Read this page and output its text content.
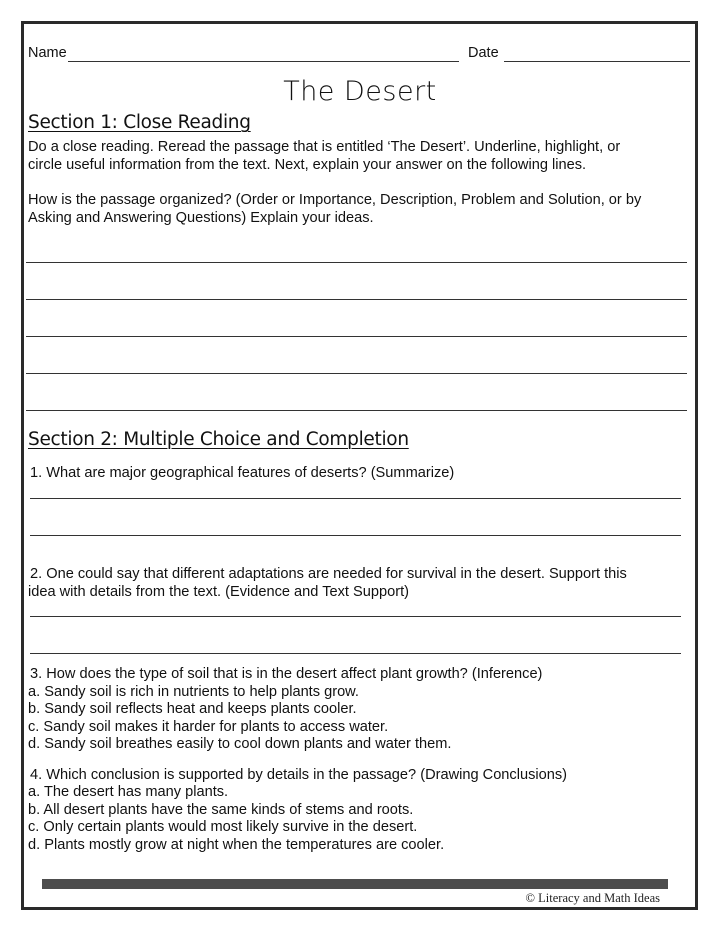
Name	Date
The Desert
Section 1: Close Reading
Do a close reading. Reread the passage that is entitled ‘The Desert’. Underline, highlight, or
circle useful information from the text. Next, explain your answer on the following lines.
How is the passage organized? (Order or Importance, Description, Problem and Solution, or by
Asking and Answering Questions) Explain your ideas.
Section 2: Multiple Choice and Completion
1. What are major geographical features of deserts? (Summarize)
2. One could say that different adaptations are needed for survival in the desert. Support this
idea with details from the text. (Evidence and Text Support)
3. How does the type of soil that is in the desert affect plant growth? (Inference)
a. Sandy soil is rich in nutrients to help plants grow.
b. Sandy soil reflects heat and keeps plants cooler.
c. Sandy soil makes it harder for plants to access water.
d. Sandy soil breathes easily to cool down plants and water them.
4. Which conclusion is supported by details in the passage? (Drawing Conclusions)
a. The desert has many plants.
b. All desert plants have the same kinds of stems and roots.
c. Only certain plants would most likely survive in the desert.
d. Plants mostly grow at night when the temperatures are cooler.
© Literacy and Math Ideas
